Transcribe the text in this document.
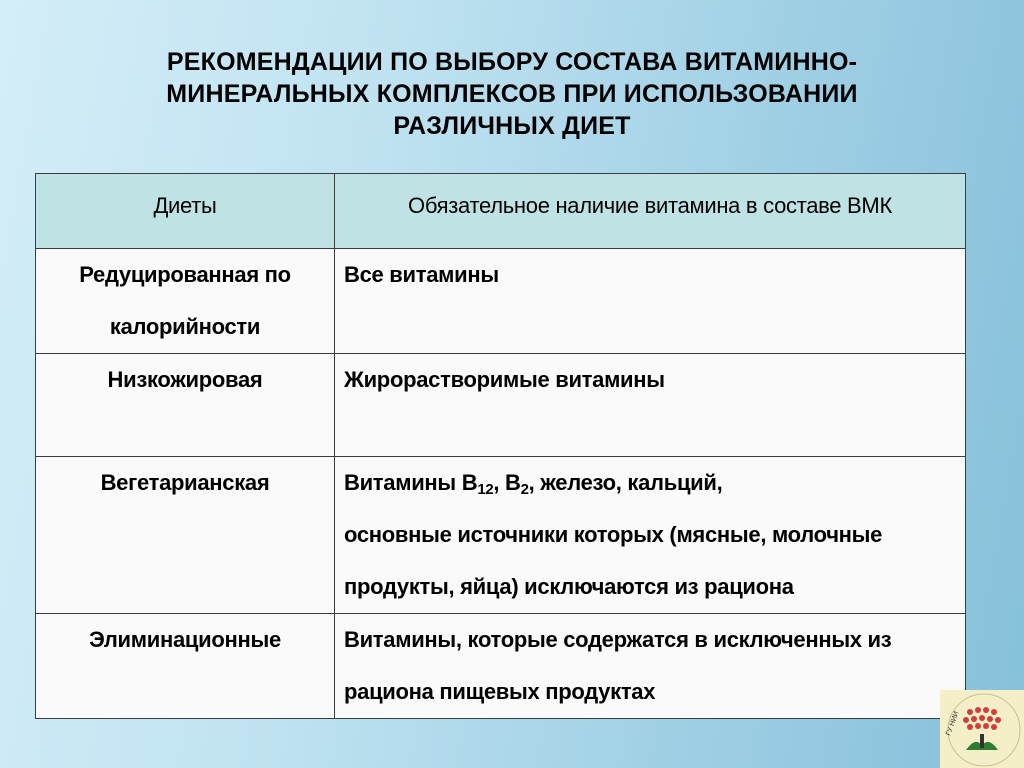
РЕКОМЕНДАЦИИ ПО ВЫБОРУ СОСТАВА ВИТАМИННО-
МИНЕРАЛЬНЫХ КОМПЛЕКСОВ ПРИ ИСПОЛЬЗОВАНИИ
РАЗЛИЧНЫХ ДИЕТ
Диеты	Обязательное наличие витамина в составе ВМК
Редуцированная по калорийности	Все витамины
Низкожировая	Жирорастворимые витамины
Вегетарианская	Витамины $В_{12}$, $В_2$, железо, кальций,
основные источники которых (мясные, молочные
продукты, яйца) исключаются из рациона

Элиминационные	Витамины, которые содержатся в исключенных из
рациона пищевых продуктах
ГУ НИИ
